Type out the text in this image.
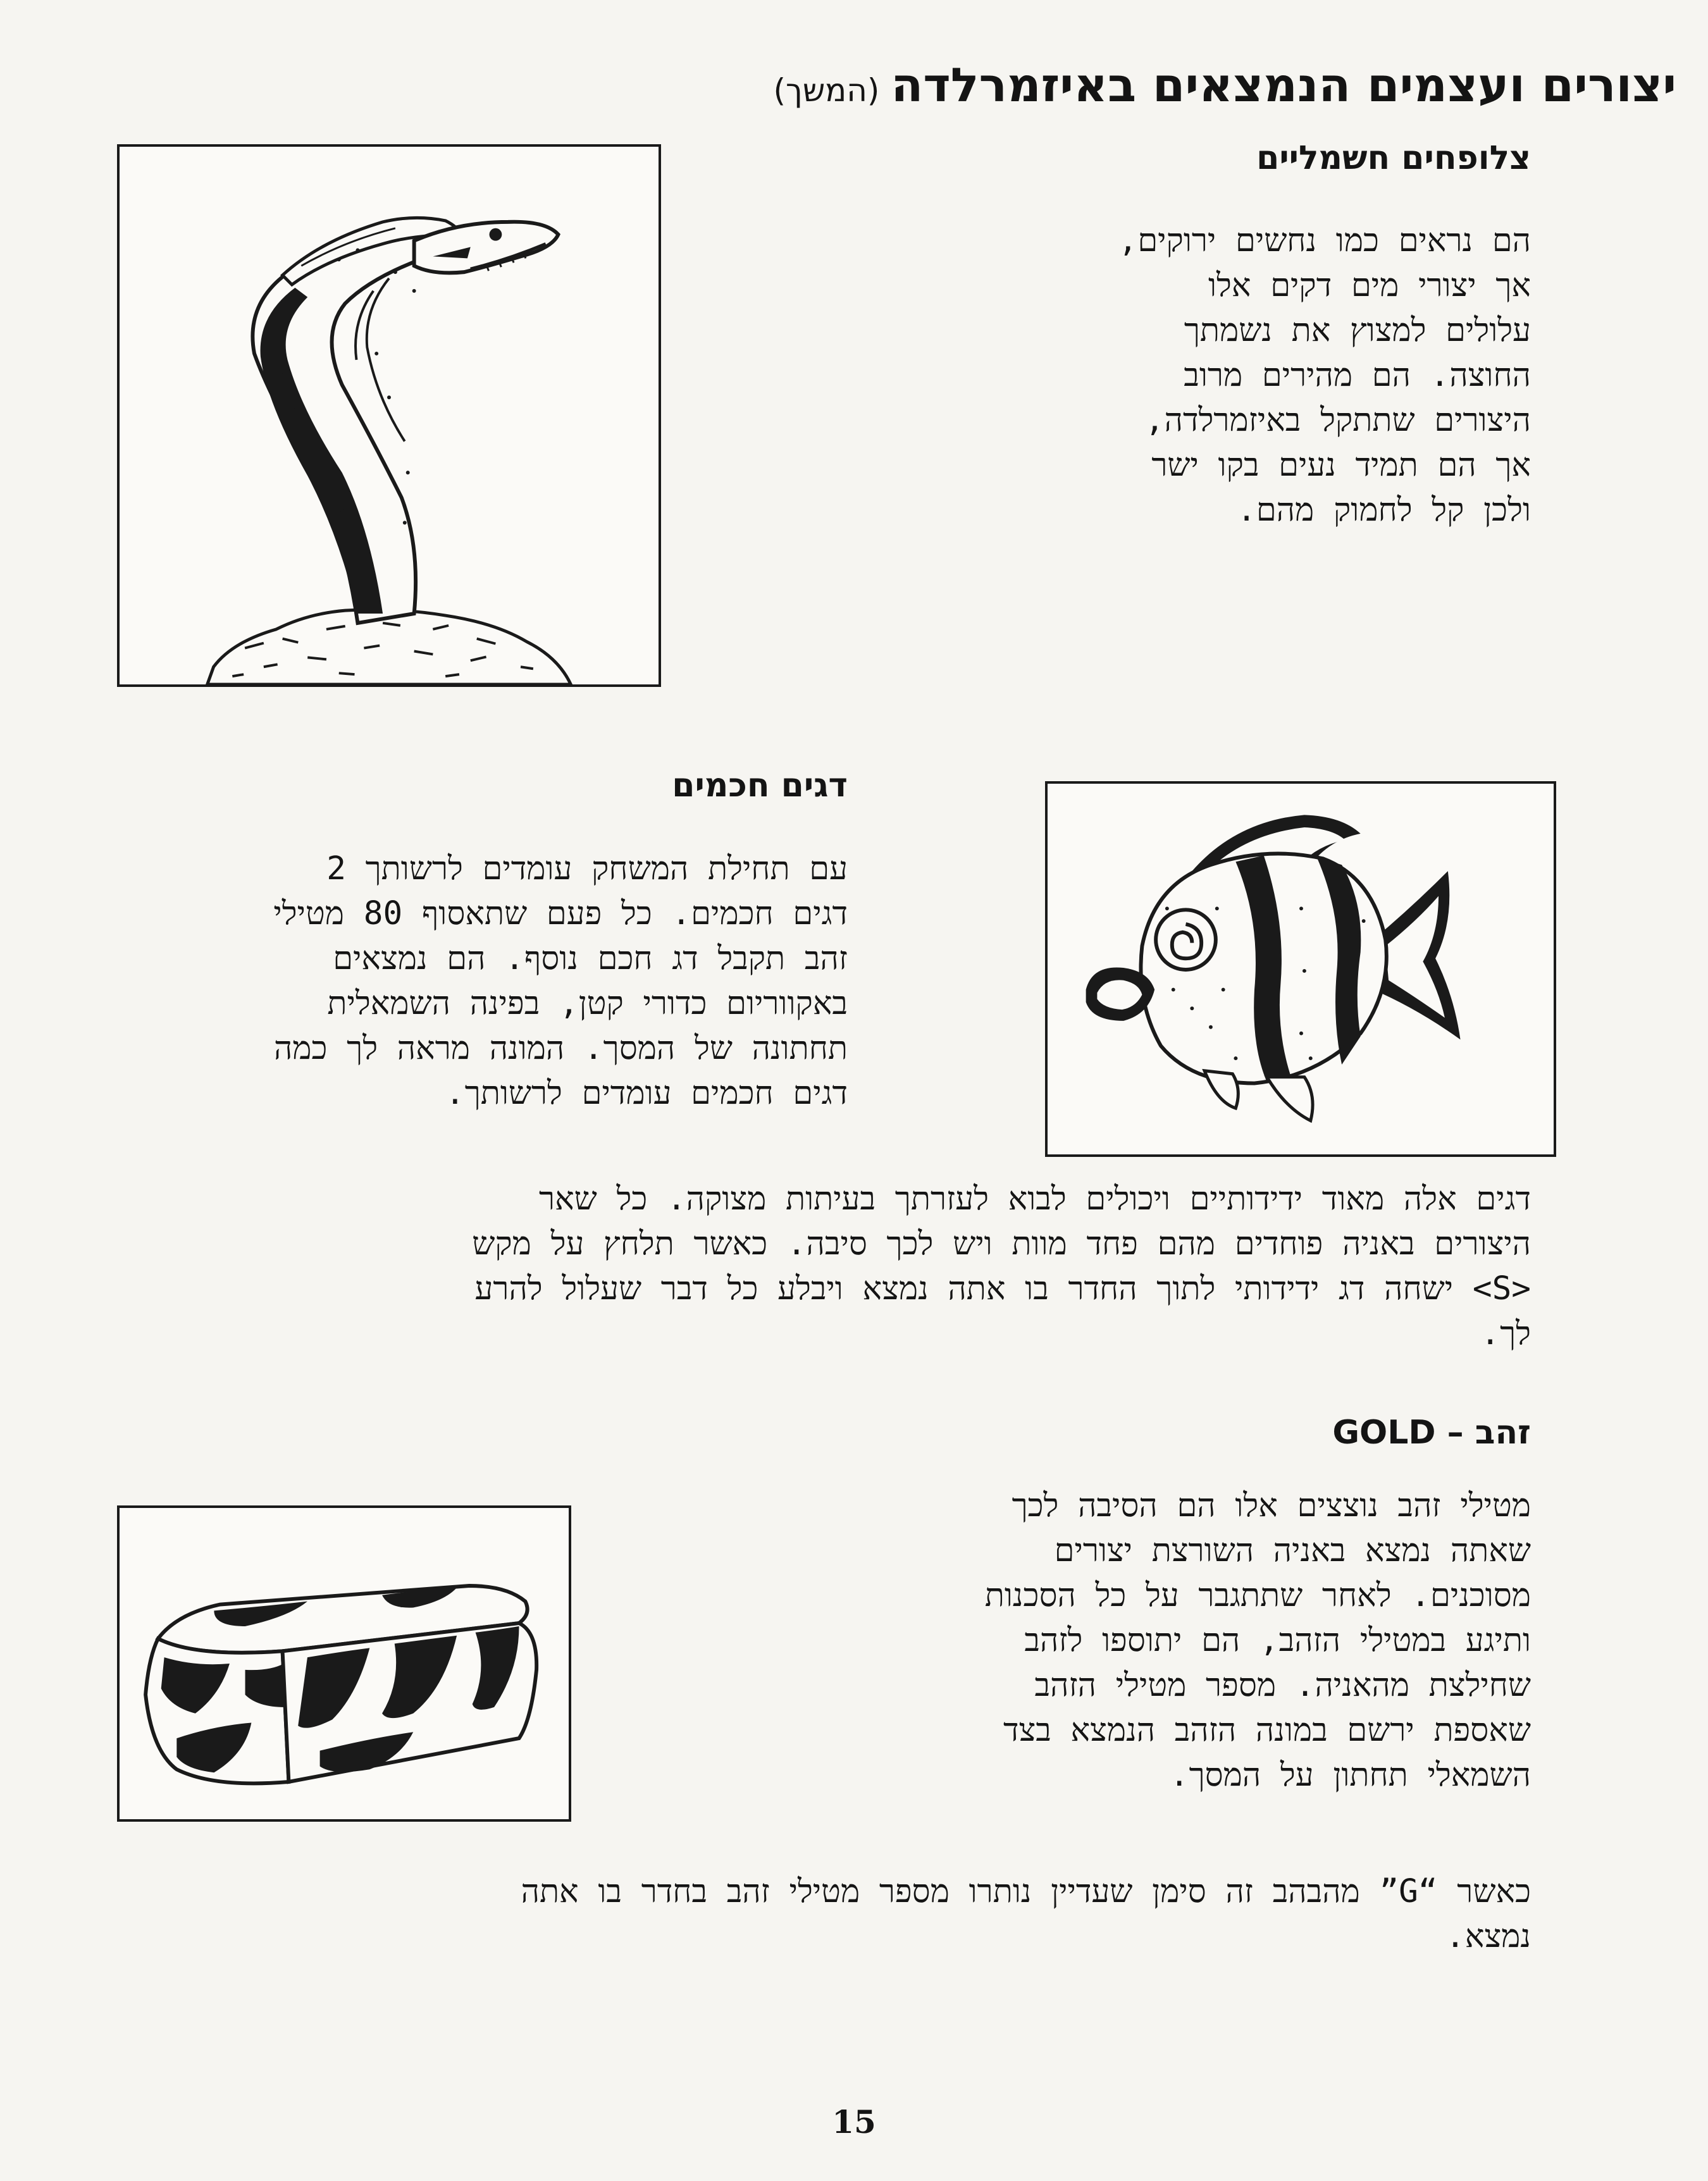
יצורים ועצמים הנמצאים באיזמרלדה(המשך)
צלופחים חשמליים
הם נראים כמו נחשים ירוקים,
אך יצורי מים דקים אלו
עלולים למצוץ את נשמתך
החוצה. הם מהירים מרוב
היצורים שתתקל באיזמרלדה,
אך הם תמיד נעים בקו ישר
ולכן קל לחמוק מהם.
דגים חכמים
עם תחילת המשחק עומדים לרשותך 2
דגים חכמים. כל פעם שתאסוף 80 מטילי
זהב תקבל דג חכם נוסף. הם נמצאים
באקווריום כדורי קטן, בפינה השמאלית
תחתונה של המסך. המונה מראה לך כמה
דגים חכמים עומדים לרשותך.
דגים אלה מאוד ידידותיים ויכולים לבוא לעזרתך בעיתות מצוקה. כל שאר
היצורים באניה פוחדים מהם פחד מוות ויש לכך סיבה. כאשר תלחץ על מקש
<S> ישחה דג ידידותי לתוך החדר בו אתה נמצא ויבלע כל דבר שעלול להרע
לך.
זהב – GOLD
מטילי זהב נוצצים אלו הם הסיבה לכך
שאתה נמצא באניה השורצת יצורים
מסוכנים. לאחר שתתגבר על כל הסכנות
ותיגע במטילי הזהב, הם יתוספו לזהב
שחילצת מהאניה. מספר מטילי הזהב
שאספת ירשם במונה הזהב הנמצא בצד
השמאלי תחתון על המסך.
כאשר “G” מהבהב זה סימן שעדיין נותרו מספר מטילי זהב בחדר בו אתה
נמצא.
15
